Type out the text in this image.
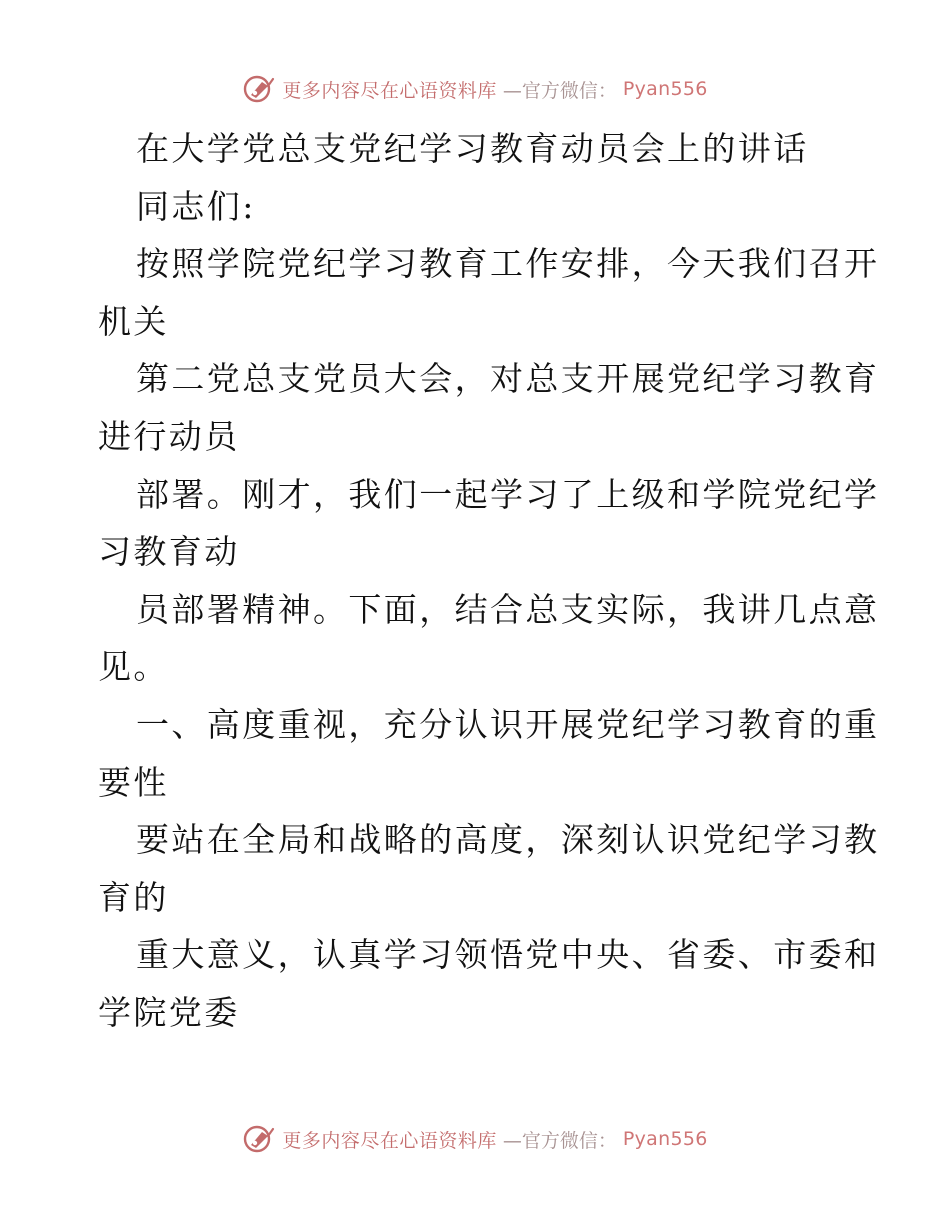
更多内容尽在心语资料库 —官方微信： Pyan556
在大学党总支党纪学习教育动员会上的讲话
同志们:
按照学院党纪学习教育工作安排，今天我们召开
机关
第二党总支党员大会，对总支开展党纪学习教育
进行动员
部署。刚才，我们一起学习了上级和学院党纪学
习教育动
员部署精神。下面，结合总支实际，我讲几点意
见。
一、高度重视，充分认识开展党纪学习教育的重
要性
要站在全局和战略的高度，深刻认识党纪学习教
育的
重大意义，认真学习领悟党中央、省委、市委和
学院党委
更多内容尽在心语资料库 —官方微信： Pyan556
